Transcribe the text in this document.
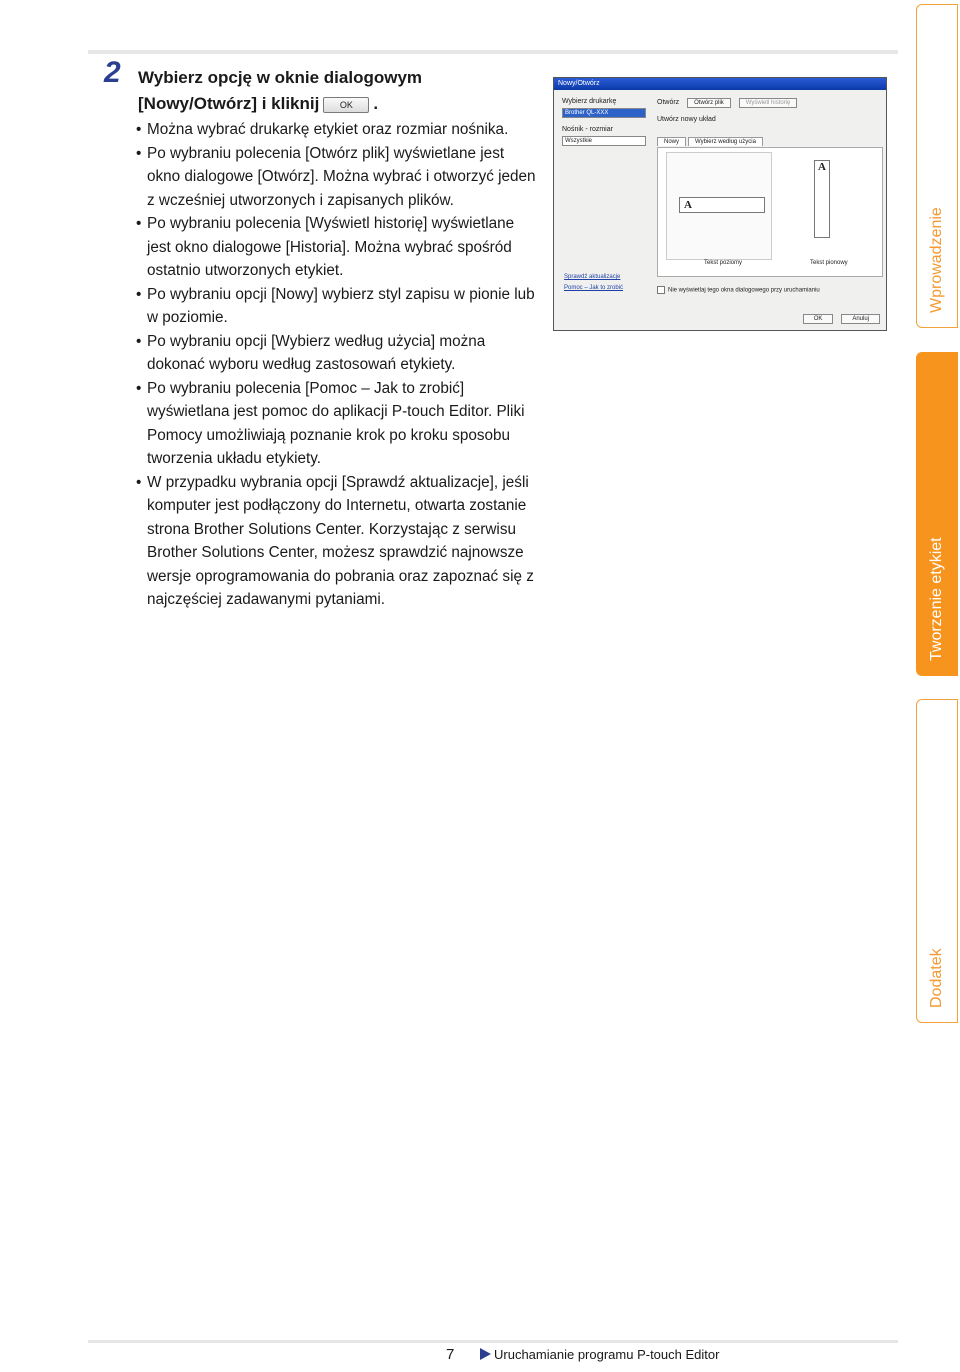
2 Wybierz opcję w oknie dialogowym
[Nowy/Otwórz] i kliknij OK .
• Można wybrać drukarkę etykiet oraz rozmiar nośnika.
• Po wybraniu polecenia [Otwórz plik] wyświetlane jest okno dialogowe [Otwórz]. Można wybrać i otworzyć jeden z wcześniej utworzonych i zapisanych plików.
• Po wybraniu polecenia [Wyświetl historię] wyświetlane jest okno dialogowe [Historia]. Można wybrać spośród ostatnio utworzonych etykiet.
• Po wybraniu opcji [Nowy] wybierz styl zapisu w pionie lub w poziomie.
• Po wybraniu opcji [Wybierz według użycia] można dokonać wyboru według zastosowań etykiety.
• Po wybraniu polecenia [Pomoc – Jak to zrobić] wyświetlana jest pomoc do aplikacji P-touch Editor. Pliki Pomocy umożliwiają poznanie krok po kroku sposobu tworzenia układu etykiety.
• W przypadku wybrania opcji [Sprawdź aktualizacje], jeśli komputer jest podłączony do Internetu, otwarta zostanie strona Brother Solutions Center. Korzystając z serwisu Brother Solutions Center, możesz sprawdzić najnowsze wersje oprogramowania do pobrania oraz zapoznać się z najczęściej zadawanymi pytaniami.
Nowy/Otwórz
Wybierz drukarkę
Brother QL-XXX
Nośnik - rozmiar
Wszystkie
Sprawdź aktualizacje
Pomoc – Jak to zrobić
Otwórz Otwórz plik	Wyświetl historię
Utwórz nowy układ
Nowy	Wybierz według użycia
A
A
Tekst poziomy	Tekst pionowy
Nie wyświetlaj tego okna dialogowego przy uruchamianiu
OK	Anuluj
Wprowadzenie
Tworzenie etykiet
Dodatek
7	Uruchamianie programu P-touch Editor
